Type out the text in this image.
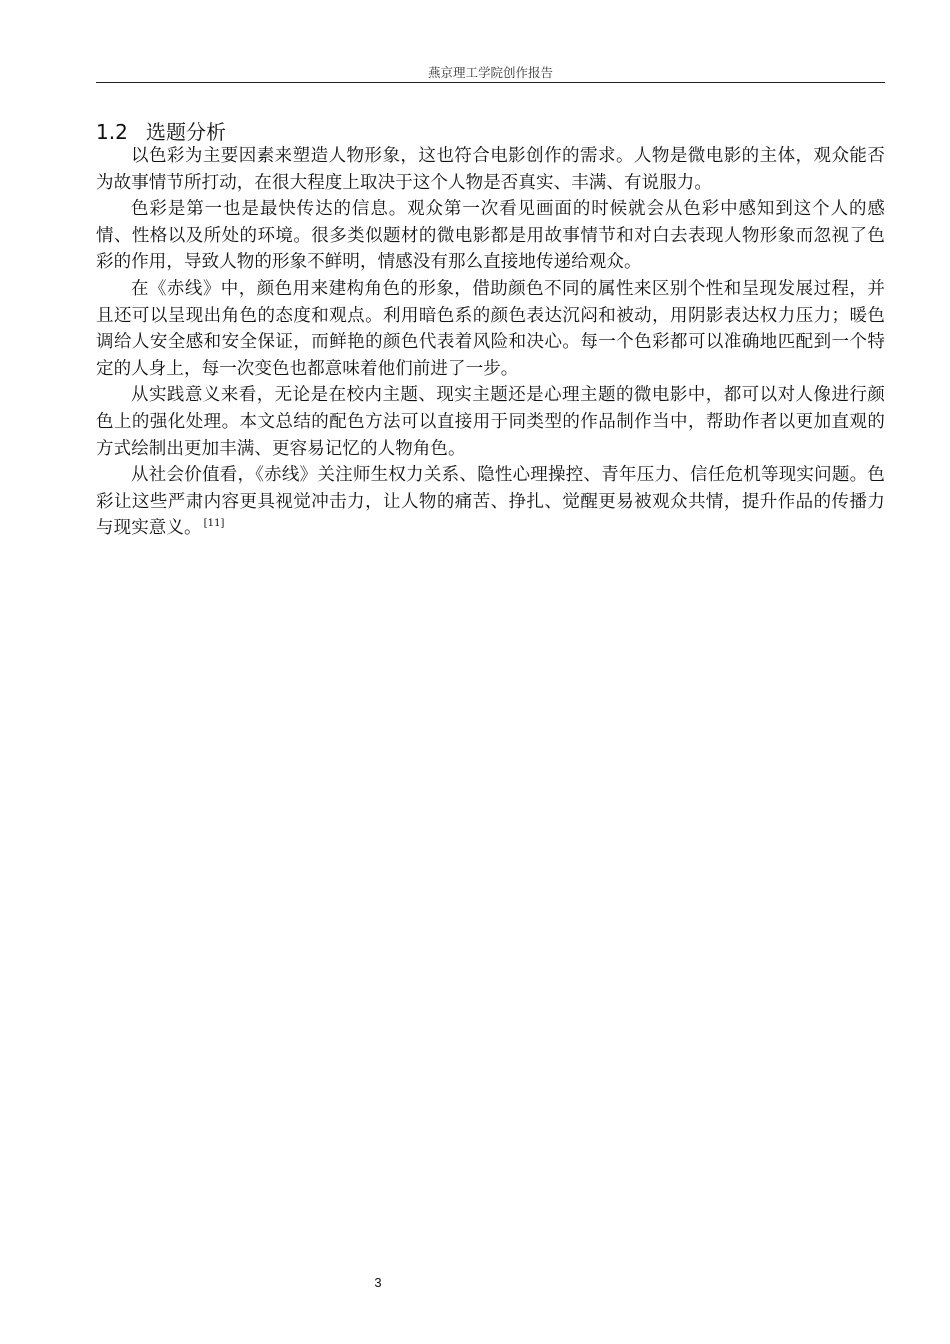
燕京理工学院创作报告
1.2 选题分析

以色彩为主要因素来塑造人物形象，这也符合电影创作的需求。人物是微电影的主体，观众能否为故事情节所打动，在很大程度上取决于这个人物是否真实、丰满、有说服力。

色彩是第一也是最快传达的信息。观众第一次看见画面的时候就会从色彩中感知到这个人的感情、性格以及所处的环境。很多类似题材的微电影都是用故事情节和对白去表现人物形象而忽视了色彩的作用，导致人物的形象不鲜明，情感没有那么直接地传递给观众。

在《赤线》中，颜色用来建构角色的形象，借助颜色不同的属性来区别个性和呈现发展过程，并且还可以呈现出角色的态度和观点。利用暗色系的颜色表达沉闷和被动，用阴影表达权力压力；暖色调给人安全感和安全保证，而鲜艳的颜色代表着风险和决心。每一个色彩都可以准确地匹配到一个特定的人身上，每一次变色也都意味着他们前进了一步。

从实践意义来看，无论是在校内主题、现实主题还是心理主题的微电影中，都可以对人像进行颜色上的强化处理。本文总结的配色方法可以直接用于同类型的作品制作当中，帮助作者以更加直观的方式绘制出更加丰满、更容易记忆的人物角色。

从社会价值看，《赤线》关注师生权力关系、隐性心理操控、青年压力、信任危机等现实问题。色彩让这些严肃内容更具视觉冲击力，让人物的痛苦、挣扎、觉醒更易被观众共情，提升作品的传播力与现实意义。 [11]

3
